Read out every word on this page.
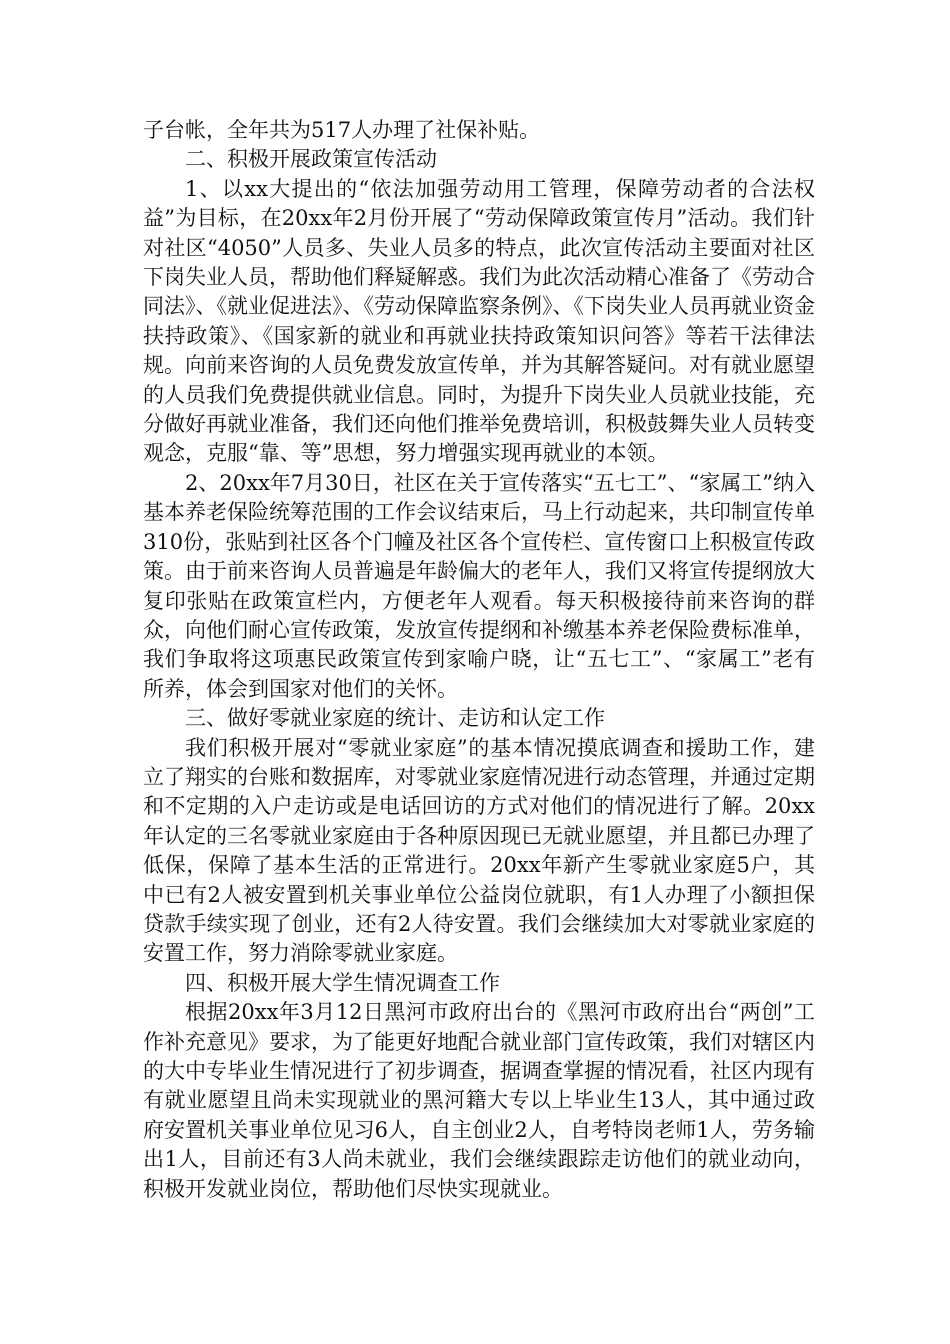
子台帐，全年共为517人办理了社保补贴。

二、积极开展政策宣传活动

1、以xx大提出的“依法加强劳动用工管理，保障劳动者的合法权益”为目标，在20xx年2月份开展了“劳动保障政策宣传月”活动。我们针对社区“4050”人员多、失业人员多的特点，此次宣传活动主要面对社区下岗失业人员，帮助他们释疑解惑。我们为此次活动精心准备了《劳动合同法》、《就业促进法》、《劳动保障监察条例》、《下岗失业人员再就业资金扶持政策》、《国家新的就业和再就业扶持政策知识问答》等若干法律法规。向前来咨询的人员免费发放宣传单，并为其解答疑问。对有就业愿望的人员我们免费提供就业信息。同时，为提升下岗失业人员就业技能，充分做好再就业准备，我们还向他们推举免费培训，积极鼓舞失业人员转变观念，克服“靠、等”思想，努力增强实现再就业的本领。

2、20xx年7月30日，社区在关于宣传落实“五七工”、“家属工”纳入基本养老保险统筹范围的工作会议结束后，马上行动起来，共印制宣传单310份，张贴到社区各个门幢及社区各个宣传栏、宣传窗口上积极宣传政策。由于前来咨询人员普遍是年龄偏大的老年人，我们又将宣传提纲放大复印张贴在政策宣栏内，方便老年人观看。每天积极接待前来咨询的群众，向他们耐心宣传政策，发放宣传提纲和补缴基本养老保险费标准单，我们争取将这项惠民政策宣传到家喻户晓，让“五七工”、“家属工”老有所养，体会到国家对他们的关怀。

三、做好零就业家庭的统计、走访和认定工作

我们积极开展对“零就业家庭”的基本情况摸底调查和援助工作，建立了翔实的台账和数据库，对零就业家庭情况进行动态管理，并通过定期和不定期的入户走访或是电话回访的方式对他们的情况进行了解。20xx年认定的三名零就业家庭由于各种原因现已无就业愿望，并且都已办理了低保，保障了基本生活的正常进行。20xx年新产生零就业家庭5户，其中已有2人被安置到机关事业单位公益岗位就职，有1人办理了小额担保贷款手续实现了创业，还有2人待安置。我们会继续加大对零就业家庭的安置工作，努力消除零就业家庭。

四、积极开展大学生情况调查工作

根据20xx年3月12日黑河市政府出台的《黑河市政府出台“两创”工作补充意见》要求，为了能更好地配合就业部门宣传政策，我们对辖区内的大中专毕业生情况进行了初步调查，据调查掌握的情况看，社区内现有有就业愿望且尚未实现就业的黑河籍大专以上毕业生13人，其中通过政府安置机关事业单位见习6人，自主创业2人，自考特岗老师1人，劳务输出1人，目前还有3人尚未就业，我们会继续跟踪走访他们的就业动向，积极开发就业岗位，帮助他们尽快实现就业。
